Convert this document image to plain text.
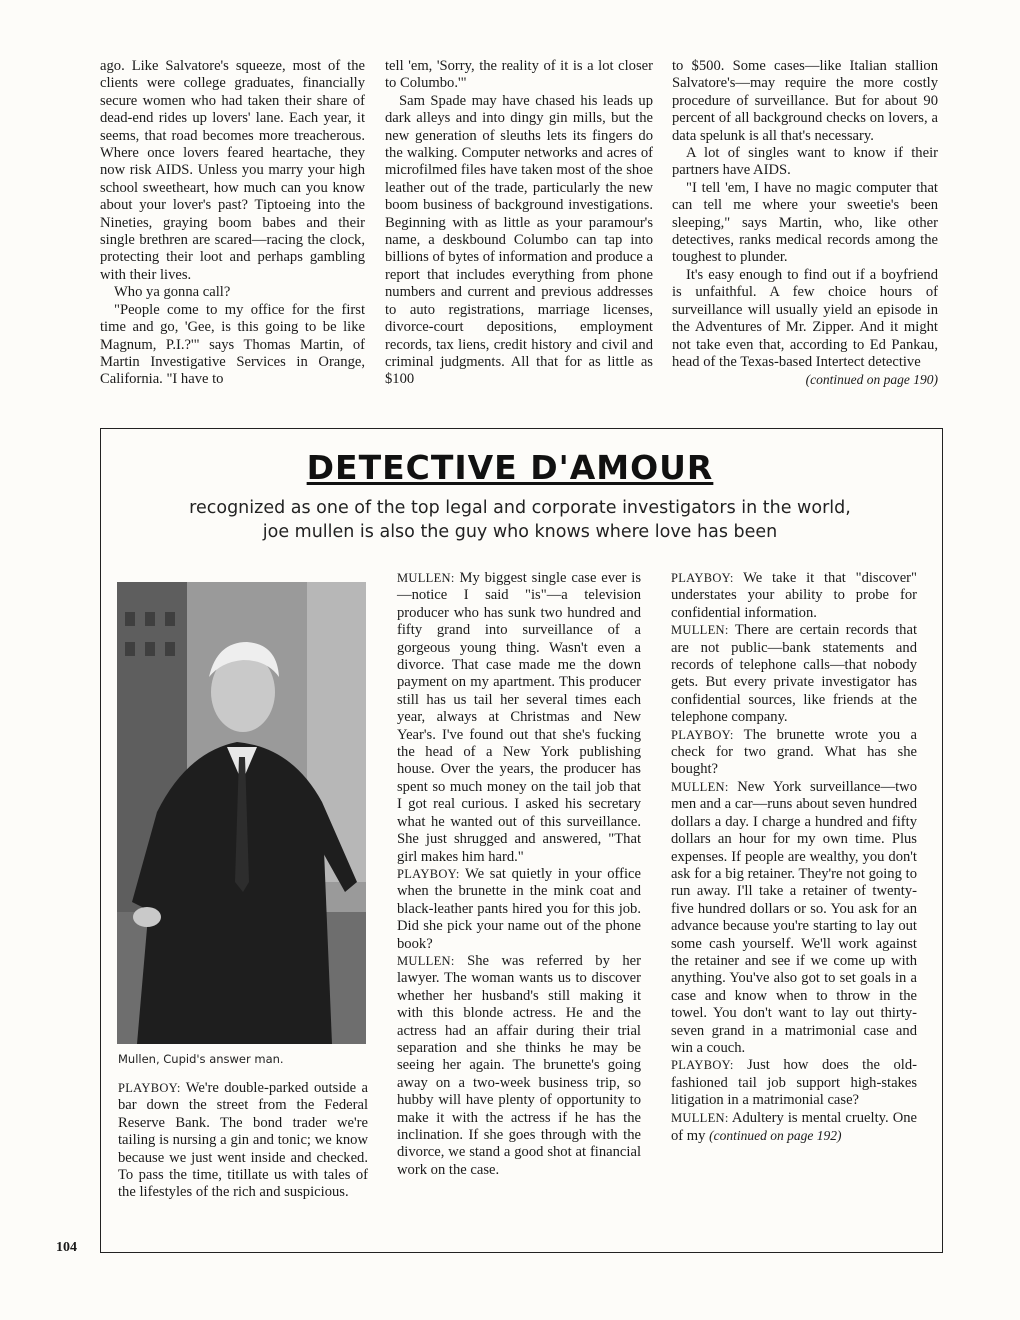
ago. Like Salvatore's squeeze, most of the clients were college graduates, financially secure women who had taken their share of dead-end rides up lovers' lane. Each year, it seems, that road becomes more treacherous. Where once lovers feared heartache, they now risk AIDS. Unless you marry your high school sweetheart, how much can you know about your lover's past? Tiptoeing into the Nineties, graying boom babes and their single brethren are scared—racing the clock, protecting their loot and perhaps gambling with their lives.

Who ya gonna call?

"People come to my office for the first time and go, 'Gee, is this going to be like Magnum, P.I.?'" says Thomas Martin, of Martin Investigative Services in Orange, California. "I have to

tell 'em, 'Sorry, the reality of it is a lot closer to Columbo.'"

Sam Spade may have chased his leads up dark alleys and into dingy gin mills, but the new generation of sleuths lets its fingers do the walking. Computer networks and acres of microfilmed files have taken most of the shoe leather out of the trade, particularly the new boom business of background investigations. Beginning with as little as your paramour's name, a deskbound Columbo can tap into billions of bytes of information and produce a report that includes everything from phone numbers and current and previous addresses to auto registrations, marriage licenses, divorce-court depositions, employment records, tax liens, credit history and civil and criminal judgments. All that for as little as $100

to $500. Some cases—like Italian stallion Salvatore's—may require the more costly procedure of surveillance. But for about 90 percent of all background checks on lovers, a data spelunk is all that's necessary.

A lot of singles want to know if their partners have AIDS.

"I tell 'em, I have no magic computer that can tell me where your sweetie's been sleeping," says Martin, who, like other detectives, ranks medical records among the toughest to plunder.

It's easy enough to find out if a boyfriend is unfaithful. A few choice hours of surveillance will usually yield an episode in the Adventures of Mr. Zipper. And it might not take even that, according to Ed Pankau, head of the Texas-based Intertect detective

(continued on page 190)
DETECTIVE D'AMOUR
recognized as one of the top legal and corporate investigators in the world,
joe mullen is also the guy who knows where love has been
Mullen, Cupid's answer man.

PLAYBOY: We're double-parked outside a bar down the street from the Federal Reserve Bank. The bond trader we're tailing is nursing a gin and tonic; we know because we just went inside and checked. To pass the time, titillate us with tales of the lifestyles of the rich and suspicious.

MULLEN: My biggest single case ever is—notice I said "is"—a television producer who has sunk two hundred and fifty grand into surveillance of a gorgeous young thing. Wasn't even a divorce. That case made me the down payment on my apartment. This producer still has us tail her several times each year, always at Christmas and New Year's. I've found out that she's fucking the head of a New York publishing house. Over the years, the producer has spent so much money on the tail job that I got real curious. I asked his secretary what he wanted out of this surveillance. She just shrugged and answered, "That girl makes him hard."

PLAYBOY: We sat quietly in your office when the brunette in the mink coat and black-leather pants hired you for this job. Did she pick your name out of the phone book?

MULLEN: She was referred by her lawyer. The woman wants us to discover whether her husband's still making it with this blonde actress. He and the actress had an affair during their trial separation and she thinks he may be seeing her again. The brunette's going away on a two-week business trip, so hubby will have plenty of opportunity to make it with the actress if he has the inclination. If she goes through with the divorce, we stand a good shot at financial work on the case.

PLAYBOY: We take it that "discover" understates your ability to probe for confidential information.

MULLEN: There are certain records that are not public—bank statements and records of telephone calls—that nobody gets. But every private investigator has confidential sources, like friends at the telephone company.

PLAYBOY: The brunette wrote you a check for two grand. What has she bought?

MULLEN: New York surveillance—two men and a car—runs about seven hundred dollars a day. I charge a hundred and fifty dollars an hour for my own time. Plus expenses. If people are wealthy, you don't ask for a big retainer. They're not going to run away. I'll take a retainer of twenty-five hundred dollars or so. You ask for an advance because you're starting to lay out some cash yourself. We'll work against the retainer and see if we come up with anything. You've also got to set goals in a case and know when to throw in the towel. You don't want to lay out thirty-seven grand in a matrimonial case and win a couch.

PLAYBOY: Just how does the old-fashioned tail job support high-stakes litigation in a matrimonial case?

MULLEN: Adultery is mental cruelty. One of my (continued on page 192)

104
